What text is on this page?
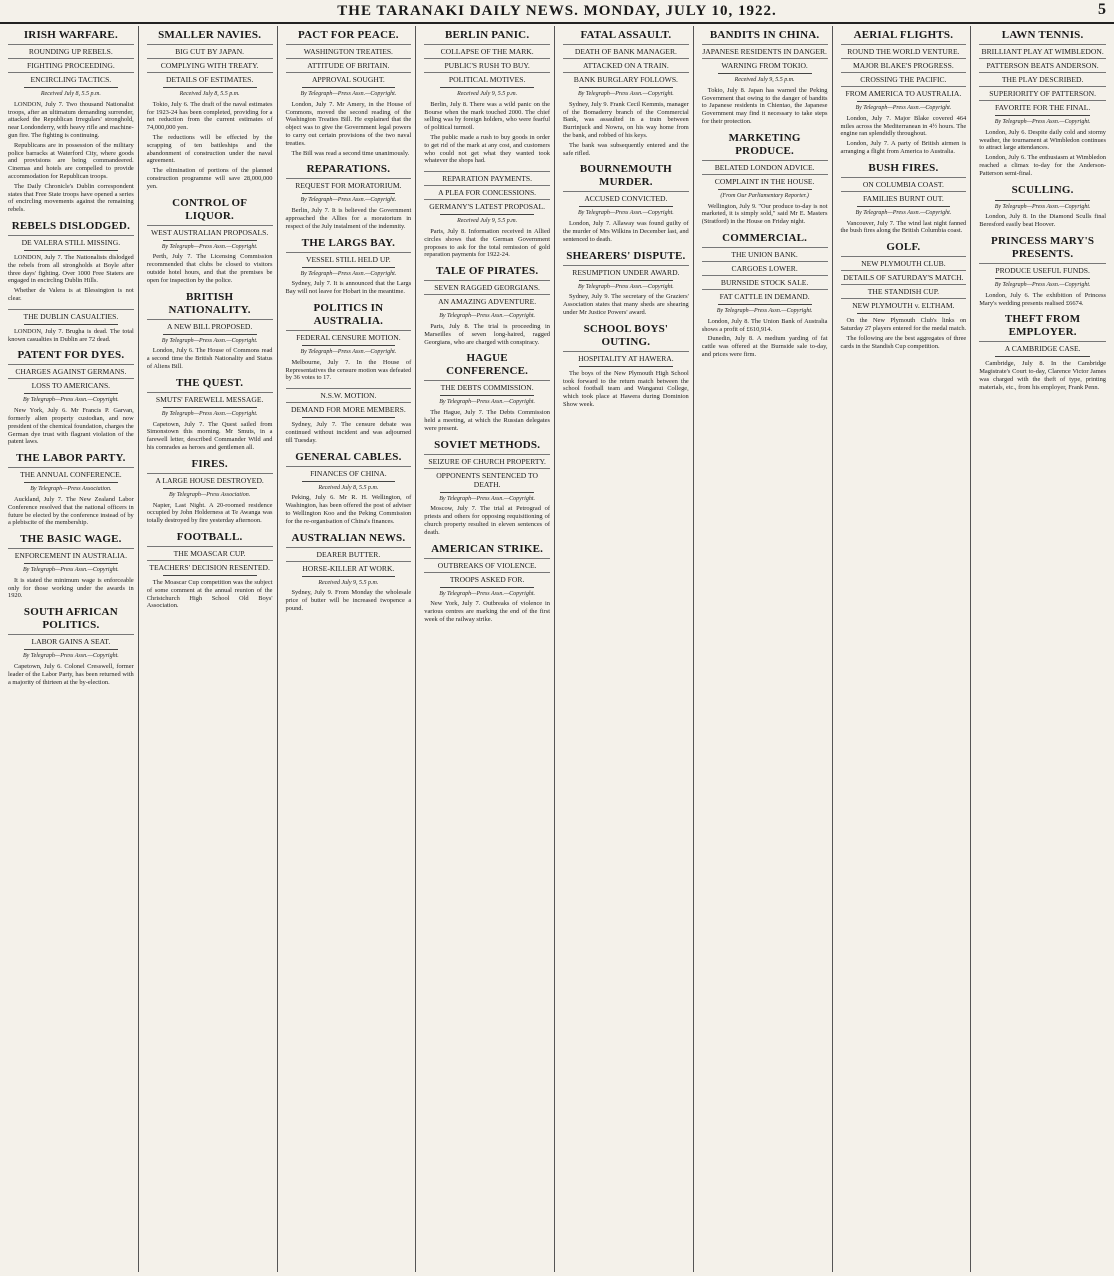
THE TARANAKI DAILY NEWS. MONDAY, JULY 10, 1922.	5
IRISH WARFARE.
ROUNDING UP REBELS.
FIGHTING PROCEEDING.
ENCIRCLING TACTICS.
Received July 8, 5.5 p.m.

LONDON, July 7. Two thousand Nationalist troops, after an ultimatum demanding surrender, attacked the Republican Irregulars' stronghold, near Londonderry, with heavy rifle and machine-gun fire. The fighting is continuing.

Republicans are in possession of the military police barracks at Waterford City, where goods and provisions are being commandeered. Cinemas and hotels are compelled to provide accommodation for Republican troops.

The Daily Chronicle's Dublin correspondent states that Free State troops have opened a series of encircling movements against the remaining rebels.

REBELS DISLODGED.
DE VALERA STILL MISSING.

LONDON, July 7. The Nationalists dislodged the rebels from all strongholds at Boyle after three days' fighting. Over 1000 Free Staters are engaged in encircling Dublin Hills.

Whether de Valera is at Blessington is not clear.

THE DUBLIN CASUALTIES.

LONDON, July 7. Brugha is dead. The total known casualties in Dublin are 72 dead.

PATENT FOR DYES.
CHARGES AGAINST GERMANS.
LOSS TO AMERICANS.
By Telegraph—Press Assn.—Copyright.

New York, July 6. Mr Francis P. Garvan, formerly alien property custodian, and now president of the chemical foundation, charges the German dye trust with flagrant violation of the patent laws.

THE LABOR PARTY.
THE ANNUAL CONFERENCE.
By Telegraph—Press Association.

Auckland, July 7. The New Zealand Labor Conference resolved that the national officers in future be elected by the conference instead of by a plebiscite of the membership.

THE BASIC WAGE.
ENFORCEMENT IN AUSTRALIA.
By Telegraph—Press Assn.—Copyright.

It is stated the minimum wage is enforceable only for those working under the awards in 1920.

SOUTH AFRICAN POLITICS.
LABOR GAINS A SEAT.
By Telegraph—Press Assn.—Copyright.

Capetown, July 6. Colonel Cresswell, former leader of the Labor Party, has been returned with a majority of thirteen at the by-election.

SMALLER NAVIES.
BIG CUT BY JAPAN.
COMPLYING WITH TREATY.
DETAILS OF ESTIMATES.
Received July 8, 5.5 p.m.

Tokio, July 6. The draft of the naval estimates for 1923-24 has been completed, providing for a net reduction from the current estimates of 74,000,000 yen.

The reductions will be effected by the scrapping of ten battleships and the abandonment of construction under the naval agreement.

The elimination of portions of the planned construction programme will save 28,000,000 yen.

CONTROL OF LIQUOR.
WEST AUSTRALIAN PROPOSALS.
By Telegraph—Press Assn.—Copyright.

Perth, July 7. The Licensing Commission recommended that clubs be closed to visitors outside hotel hours, and that the premises be open for inspection by the police.

BRITISH NATIONALITY.
A NEW BILL PROPOSED.
By Telegraph—Press Assn.—Copyright.

London, July 6. The House of Commons read a second time the British Nationality and Status of Aliens Bill.

THE QUEST.
SMUTS' FAREWELL MESSAGE.
By Telegraph—Press Assn.—Copyright.

Capetown, July 7. The Quest sailed from Simonstown this morning. Mr Smuts, in a farewell letter, described Commander Wild and his comrades as heroes and gentlemen all.

FIRES.
A LARGE HOUSE DESTROYED.
By Telegraph—Press Association.

Napier, Last Night. A 20-roomed residence occupied by John Holderness at Te Awanga was totally destroyed by fire yesterday afternoon.

FOOTBALL.
THE MOASCAR CUP.
TEACHERS' DECISION RESENTED.

The Moascar Cup competition was the subject of some comment at the annual reunion of the Christchurch High School Old Boys' Association.

PACT FOR PEACE.
WASHINGTON TREATIES.
ATTITUDE OF BRITAIN.
APPROVAL SOUGHT.
By Telegraph—Press Assn.—Copyright.

London, July 7. Mr Amery, in the House of Commons, moved the second reading of the Washington Treaties Bill. He explained that the object was to give the Government legal powers to carry out certain provisions of the two naval treaties.

The Bill was read a second time unanimously.

REPARATIONS.
REQUEST FOR MORATORIUM.
By Telegraph—Press Assn.—Copyright.

Berlin, July 7. It is believed the Government approached the Allies for a moratorium in respect of the July instalment of the indemnity.

THE LARGS BAY.
VESSEL STILL HELD UP.
By Telegraph—Press Assn.—Copyright.

Sydney, July 7. It is announced that the Largs Bay will not leave for Hobart in the meantime.

POLITICS IN AUSTRALIA.
FEDERAL CENSURE MOTION.
By Telegraph—Press Assn.—Copyright.

Melbourne, July 7. In the House of Representatives the censure motion was defeated by 36 votes to 17.

N.S.W. MOTION.
DEMAND FOR MORE MEMBERS.

Sydney, July 7. The censure debate was continued without incident and was adjourned till Tuesday.

GENERAL CABLES.
FINANCES OF CHINA.
Received July 8, 5.5 p.m.

Peking, July 6. Mr R. H. Wellington, of Washington, has been offered the post of adviser to Wellington Koo and the Peking Commission for the re-organisation of China's finances.

AUSTRALIAN NEWS.
DEARER BUTTER.
HORSE-KILLER AT WORK.
Received July 9, 5.5 p.m.

Sydney, July 9. From Monday the wholesale price of butter will be increased twopence a pound.

BERLIN PANIC.
COLLAPSE OF THE MARK.
PUBLIC'S RUSH TO BUY.
POLITICAL MOTIVES.
Received July 9, 5.5 p.m.

Berlin, July 8. There was a wild panic on the Bourse when the mark touched 2000. The chief selling was by foreign holders, who were fearful of political turmoil.

The public made a rush to buy goods in order to get rid of the mark at any cost, and customers who could not get what they wanted took whatever the shops had.

REPARATION PAYMENTS.
A PLEA FOR CONCESSIONS.
GERMANY'S LATEST PROPOSAL.
Received July 9, 5.5 p.m.

Paris, July 8. Information received in Allied circles shows that the German Government proposes to ask for the total remission of gold reparation payments for 1922-24.

TALE OF PIRATES.
SEVEN RAGGED GEORGIANS.
AN AMAZING ADVENTURE.
By Telegraph—Press Assn.—Copyright.

Paris, July 8. The trial is proceeding in Marseilles of seven long-haired, ragged Georgians, who are charged with conspiracy.

HAGUE CONFERENCE.
THE DEBTS COMMISSION.
By Telegraph—Press Assn.—Copyright.

The Hague, July 7. The Debts Commission held a meeting, at which the Russian delegates were present.

SOVIET METHODS.
SEIZURE OF CHURCH PROPERTY.
OPPONENTS SENTENCED TO DEATH.
By Telegraph—Press Assn.—Copyright.

Moscow, July 7. The trial at Petrograd of priests and others for opposing requisitioning of church property resulted in eleven sentences of death.

AMERICAN STRIKE.
OUTBREAKS OF VIOLENCE.
TROOPS ASKED FOR.
By Telegraph—Press Assn.—Copyright.

New York, July 7. Outbreaks of violence in various centres are marking the end of the first week of the railway strike.

FATAL ASSAULT.
DEATH OF BANK MANAGER.
ATTACKED ON A TRAIN.
BANK BURGLARY FOLLOWS.
By Telegraph—Press Assn.—Copyright.

Sydney, July 9. Frank Cecil Kemmis, manager of the Bomaderry branch of the Commercial Bank, was assaulted in a train between Burrinjuck and Nowra, on his way home from the bank, and robbed of his keys.

The bank was subsequently entered and the safe rifled.

BOURNEMOUTH MURDER.
ACCUSED CONVICTED.
By Telegraph—Press Assn.—Copyright.

London, July 7. Allaway was found guilty of the murder of Mrs Wilkins in December last, and sentenced to death.

SHEARERS' DISPUTE.
RESUMPTION UNDER AWARD.
By Telegraph—Press Assn.—Copyright.

Sydney, July 9. The secretary of the Graziers' Association states that many sheds are shearing under Mr Justice Powers' award.

SCHOOL BOYS' OUTING.
HOSPITALITY AT HAWERA.

The boys of the New Plymouth High School took forward to the return match between the school football team and Wanganui College, which took place at Hawera during Dominion Show week.

BANDITS IN CHINA.
JAPANESE RESIDENTS IN DANGER.
WARNING FROM TOKIO.
Received July 9, 5.5 p.m.

Tokio, July 8. Japan has warned the Peking Government that owing to the danger of bandits to Japanese residents in Chientao, the Japanese Government may find it necessary to take steps for their protection.

MARKETING PRODUCE.
BELATED LONDON ADVICE.
COMPLAINT IN THE HOUSE.
(From Our Parliamentary Reporter.)

Wellington, July 9. "Our produce to-day is not marketed, it is simply sold," said Mr E. Masters (Stratford) in the House on Friday night.

COMMERCIAL.
THE UNION BANK.
CARGOES LOWER.
BURNSIDE STOCK SALE.
FAT CATTLE IN DEMAND.
By Telegraph—Press Assn.—Copyright.

London, July 8. The Union Bank of Australia shows a profit of £610,914.

Dunedin, July 8. A medium yarding of fat cattle was offered at the Burnside sale to-day, and prices were firm.

AERIAL FLIGHTS.
ROUND THE WORLD VENTURE.
MAJOR BLAKE'S PROGRESS.
CROSSING THE PACIFIC.
FROM AMERICA TO AUSTRALIA.
By Telegraph—Press Assn.—Copyright.

London, July 7. Major Blake covered 464 miles across the Mediterranean in 4½ hours. The engine ran splendidly throughout.

London, July 7. A party of British airmen is arranging a flight from America to Australia.

BUSH FIRES.
ON COLUMBIA COAST.
FAMILIES BURNT OUT.
By Telegraph—Press Assn.—Copyright.

Vancouver, July 7. The wind last night fanned the bush fires along the British Columbia coast.

GOLF.
NEW PLYMOUTH CLUB.
DETAILS OF SATURDAY'S MATCH.
THE STANDISH CUP.
NEW PLYMOUTH v. ELTHAM.

On the New Plymouth Club's links on Saturday 27 players entered for the medal match.

The following are the best aggregates of three cards in the Standish Cup competition.

LAWN TENNIS.
BRILLIANT PLAY AT WIMBLEDON.
PATTERSON BEATS ANDERSON.
THE PLAY DESCRIBED.
SUPERIORITY OF PATTERSON.
FAVORITE FOR THE FINAL.
By Telegraph—Press Assn.—Copyright.

London, July 6. Despite daily cold and stormy weather, the tournament at Wimbledon continues to attract large attendances.

London, July 6. The enthusiasm at Wimbledon reached a climax to-day for the Anderson-Patterson semi-final.

SCULLING.
By Telegraph—Press Assn.—Copyright.

London, July 8. In the Diamond Sculls final Beresford easily beat Hoover.

PRINCESS MARY'S PRESENTS.
PRODUCE USEFUL FUNDS.
By Telegraph—Press Assn.—Copyright.

London, July 6. The exhibition of Princess Mary's wedding presents realised £6674.

THEFT FROM EMPLOYER.
A CAMBRIDGE CASE.

Cambridge, July 8. In the Cambridge Magistrate's Court to-day, Clarence Victor James was charged with the theft of type, printing materials, etc., from his employer, Frank Penn.
